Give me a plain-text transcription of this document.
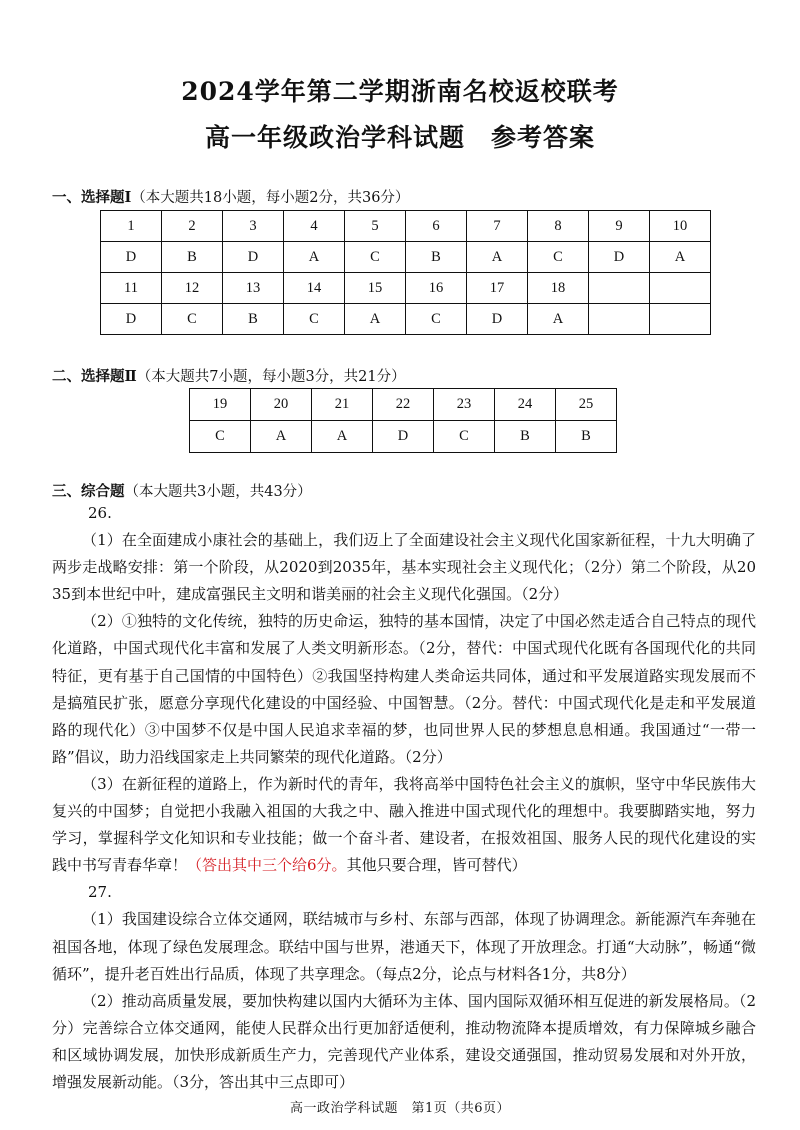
2024学年第二学期浙南名校返校联考
高一年级政治学科试题　参考答案
一、选择题Ⅰ（本大题共18小题，每小题2分，共36分）
1	2	3	4	5	6	7	8	9	10
D	B	D	A	C	B	A	C	D	A
11	12	13	14	15	16	17	18		
D	C	B	C	A	C	D	A		
二、选择题Ⅱ（本大题共7小题，每小题3分，共21分）
19	20	21	22	23	24	25
C	A	A	D	C	B	B
三、综合题（本大题共3小题，共43分）

26.

（1）在全面建成小康社会的基础上，我们迈上了全面建设社会主义现代化国家新征程，十九大明确了两步走战略安排：第一个阶段，从2020到2035年，基本实现社会主义现代化；（2分）第二个阶段，从2035到本世纪中叶，建成富强民主文明和谐美丽的社会主义现代化强国。（2分）

（2）①独特的文化传统，独特的历史命运，独特的基本国情，决定了中国必然走适合自己特点的现代化道路，中国式现代化丰富和发展了人类文明新形态。（2分，替代：中国式现代化既有各国现代化的共同特征，更有基于自己国情的中国特色）②我国坚持构建人类命运共同体，通过和平发展道路实现发展而不是搞殖民扩张，愿意分享现代化建设的中国经验、中国智慧。（2分。替代：中国式现代化是走和平发展道路的现代化）③中国梦不仅是中国人民追求幸福的梦，也同世界人民的梦想息息相通。我国通过“一带一路”倡议，助力沿线国家走上共同繁荣的现代化道路。（2分）

（3）在新征程的道路上，作为新时代的青年，我将高举中国特色社会主义的旗帜，坚守中华民族伟大复兴的中国梦；自觉把小我融入祖国的大我之中、融入推进中国式现代化的理想中。我要脚踏实地，努力学习，掌握科学文化知识和专业技能；做一个奋斗者、建设者，在报效祖国、服务人民的现代化建设的实践中书写青春华章！（答出其中三个给6分。其他只要合理，皆可替代）

27.

（1）我国建设综合立体交通网，联结城市与乡村、东部与西部，体现了协调理念。新能源汽车奔驰在祖国各地，体现了绿色发展理念。联结中国与世界，港通天下，体现了开放理念。打通“大动脉”，畅通“微循环”，提升老百姓出行品质，体现了共享理念。（每点2分，论点与材料各1分，共8分）

（2）推动高质量发展，要加快构建以国内大循环为主体、国内国际双循环相互促进的新发展格局。（2分）完善综合立体交通网，能使人民群众出行更加舒适便利，推动物流降本提质增效，有力保障城乡融合和区域协调发展，加快形成新质生产力，完善现代产业体系，建设交通强国，推动贸易发展和对外开放，增强发展新动能。（3分，答出其中三点即可）

高一政治学科试题　第1页（共6页）
